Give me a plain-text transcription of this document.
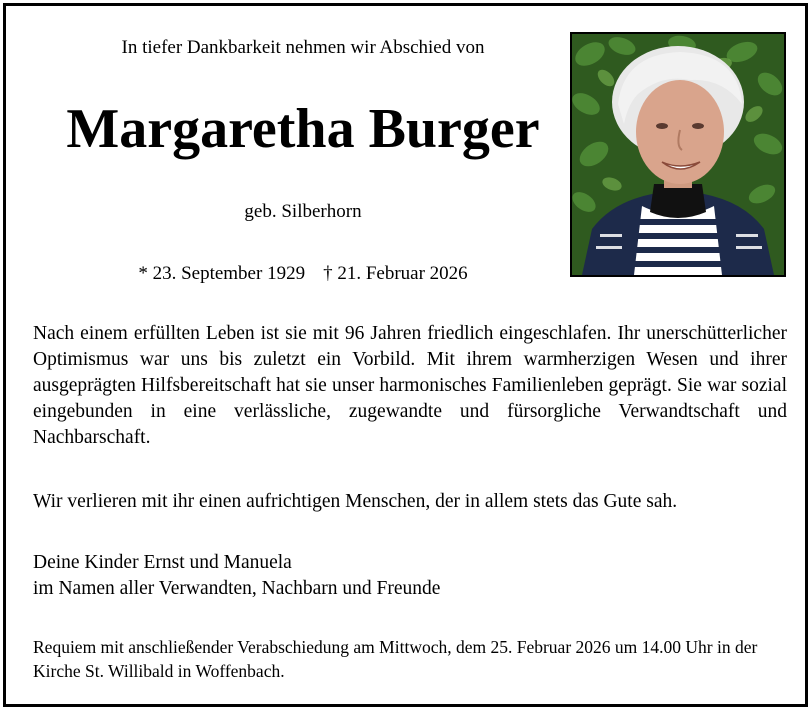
In tiefer Dankbarkeit nehmen wir Abschied von
Margaretha Burger
geb. Silberhorn
* 23. September 1929 † 21. Februar 2026
Nach einem erfüllten Leben ist sie mit 96 Jahren friedlich eingeschlafen. Ihr unerschütterlicher Optimismus war uns bis zuletzt ein Vorbild. Mit ihrem warmherzigen Wesen und ihrer ausgeprägten Hilfsbereitschaft hat sie unser harmonisches Familienleben geprägt. Sie war sozial eingebunden in eine verlässliche, zugewandte und fürsorgliche Verwandtschaft und Nachbarschaft.
Wir verlieren mit ihr einen aufrichtigen Menschen, der in allem stets das Gute sah.
Deine Kinder Ernst und Manuela
im Namen aller Verwandten, Nachbarn und Freunde
Requiem mit anschließender Verabschiedung am Mittwoch, dem 25. Februar 2026 um 14.00 Uhr in der Kirche St. Willibald in Woffenbach.
